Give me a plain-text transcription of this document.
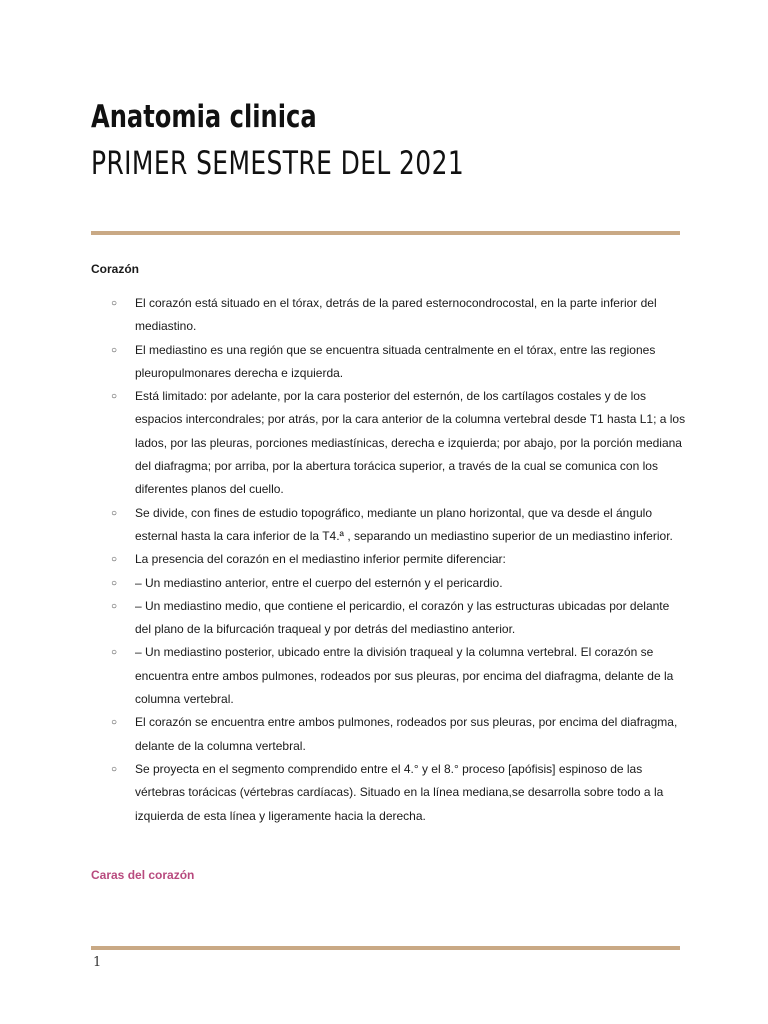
Anatomia clinica
PRIMER SEMESTRE DEL 2021
Corazón
○ El corazón está situado en el tórax, detrás de la pared esternocondrocostal, en la parte inferior del mediastino.
○ El mediastino es una región que se encuentra situada centralmente en el tórax, entre las regiones pleuropulmonares derecha e izquierda.
○ Está limitado: por adelante, por la cara posterior del esternón, de los cartílagos costales y de los espacios intercondrales; por atrás, por la cara anterior de la columna vertebral desde T1 hasta L1; a los lados, por las pleuras, porciones mediastínicas, derecha e izquierda; por abajo, por la porción mediana del diafragma; por arriba, por la abertura torácica superior, a través de la cual se comunica con los diferentes planos del cuello.
○ Se divide, con fines de estudio topográfico, mediante un plano horizontal, que va desde el ángulo esternal hasta la cara inferior de la T4.ª , separando un mediastino superior de un mediastino inferior.
○ La presencia del corazón en el mediastino inferior permite diferenciar:
○ – Un mediastino anterior, entre el cuerpo del esternón y el pericardio.
○ – Un mediastino medio, que contiene el pericardio, el corazón y las estructuras ubicadas por delante del plano de la bifurcación traqueal y por detrás del mediastino anterior.
○ – Un mediastino posterior, ubicado entre la división traqueal y la columna vertebral. El corazón se encuentra entre ambos pulmones, rodeados por sus pleuras, por encima del diafragma, delante de la columna vertebral.
○ El corazón se encuentra entre ambos pulmones, rodeados por sus pleuras, por encima del diafragma, delante de la columna vertebral.
○ Se proyecta en el segmento comprendido entre el 4.° y el 8.° proceso [apófisis] espinoso de las vértebras torácicas (vértebras cardíacas). Situado en la línea mediana,se desarrolla sobre todo a la izquierda de esta línea y ligeramente hacia la derecha.
Caras del corazón
1
